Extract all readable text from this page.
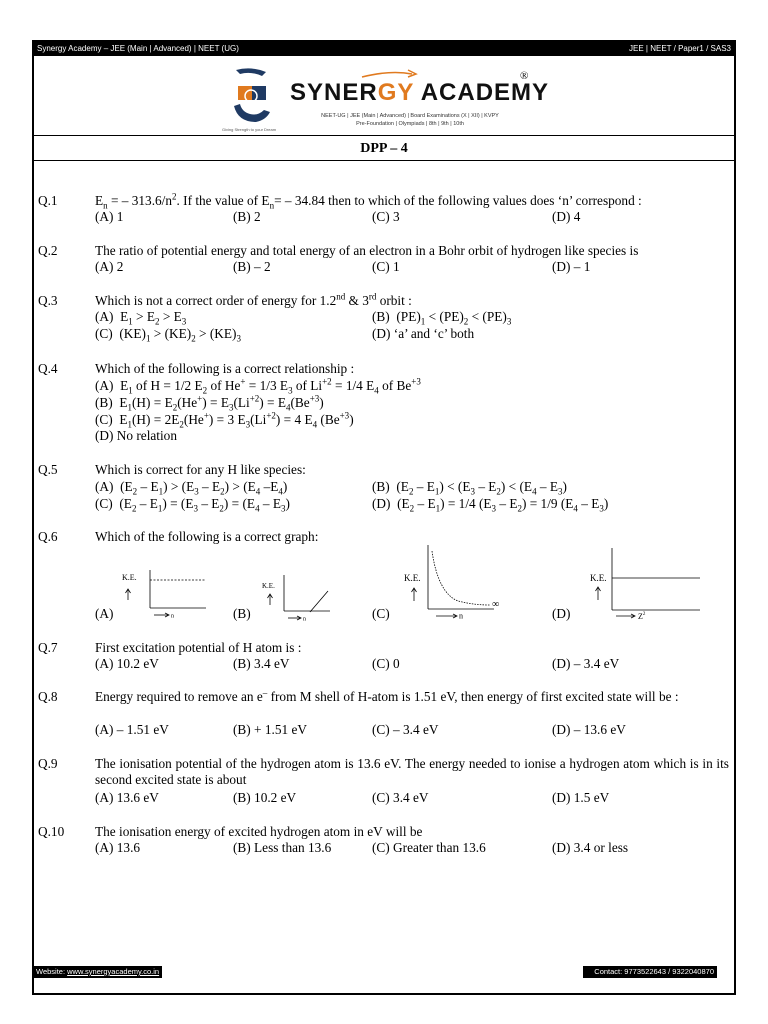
Synergy Academy – JEE (Main | Advanced) | NEET (UG)	JEE | NEET / Paper1 / SAS3
Giving Strength to your Dream
SYNERGY ACADEMY
®
NEET-UG | JEE (Main | Advanced) | Board Examinations (X | XII) | KVPY
Pre-Foundation | Olympiads | 8th | 9th | 10th
DPP – 4
Q.1	$E_n$ = – $313.6/n^2$. If the value of $E_n= - 34.84$ then to which of the following values does ‘n’ correspond :
(A) 1	(B) 2	(C) 3	(D) 4
Q.2	The ratio of potential energy and total energy of an electron in a Bohr orbit of hydrogen like species is
(A) 2	(B) – 2	(C) 1	(D) – 1
Q.3	Which is not a correct order of energy for 1.2nd & 3rd orbit :
(A)  $E_1 > E_2 > E_3$	(B)  $(PE)_1 < (PE)_2 < (PE)_3$
(C)  $(KE)_1 > (KE)_2 > (KE)_3$	(D) ‘a’ and ‘c’ both
Q.4	Which of the following is a correct relationship :
(A)  $E_1$ of H = 1/2 $E_2$ of He+ = 1/3 $E_3$ of $Li^{+2} = 1/4$ $E_4$ of $Be^{+3}$
(B)  $E_1(H) = E_2(He^+) = E_3(Li^{+2}) = E_4(Be^{+3})$
(C)  $E_1(H) = 2E_2(He^+) = 3$ $E_3(Li^{+2}) = 4$ $E_4$ $(Be^{+3})$
(D) No relation
Q.5	Which is correct for any H like species:
(A)  $(E_2 - E_1) > (E_3 - E_2) > (E_4$ $-E_4$)	(B)  $(E_2 - E_1) < (E_3 - E_2) < (E_4 - E_3)$
(C)  $(E_2 - E_1) = (E_3 - E_2) = (E_4 - E_3)$	(D)  $(E_2 - E_1) = 1/4$ $(E_3 - E_2) = 1/9$ $(E_4 - E_3)$
Q.6	Which of the following is a correct graph:
(A)	(B)	(C)	(D)
K.E.
n
K.E.
n
K.E.
∞
n
K.E.
$Z^2$
Q.7	First excitation potential of H atom is :
(A) 10.2 eV	(B) 3.4 eV	(C) 0	(D) – 3.4 eV
Q.8	Energy required to remove an e– from M shell of H-atom is 1.51 eV, then energy of first excited state will be :
(A) – 1.51 eV	(B) + 1.51 eV	(C) – 3.4 eV	(D) – 13.6 eV
Q.9	The ionisation potential of the hydrogen atom is 13.6 eV. The energy needed to ionise a hydrogen atom which is in its second excited state is about
(A) 13.6 eV	(B) 10.2 eV	(C) 3.4 eV	(D) 1.5 eV
Q.10 The ionisation energy of excited hydrogen atom in eV will be
(A) 13.6	(B) Less than 13.6	(C) Greater than 13.6	(D) 3.4 or less
Website: www.synergyacademy.co.in	Contact: 9773522643 / 9322040870
